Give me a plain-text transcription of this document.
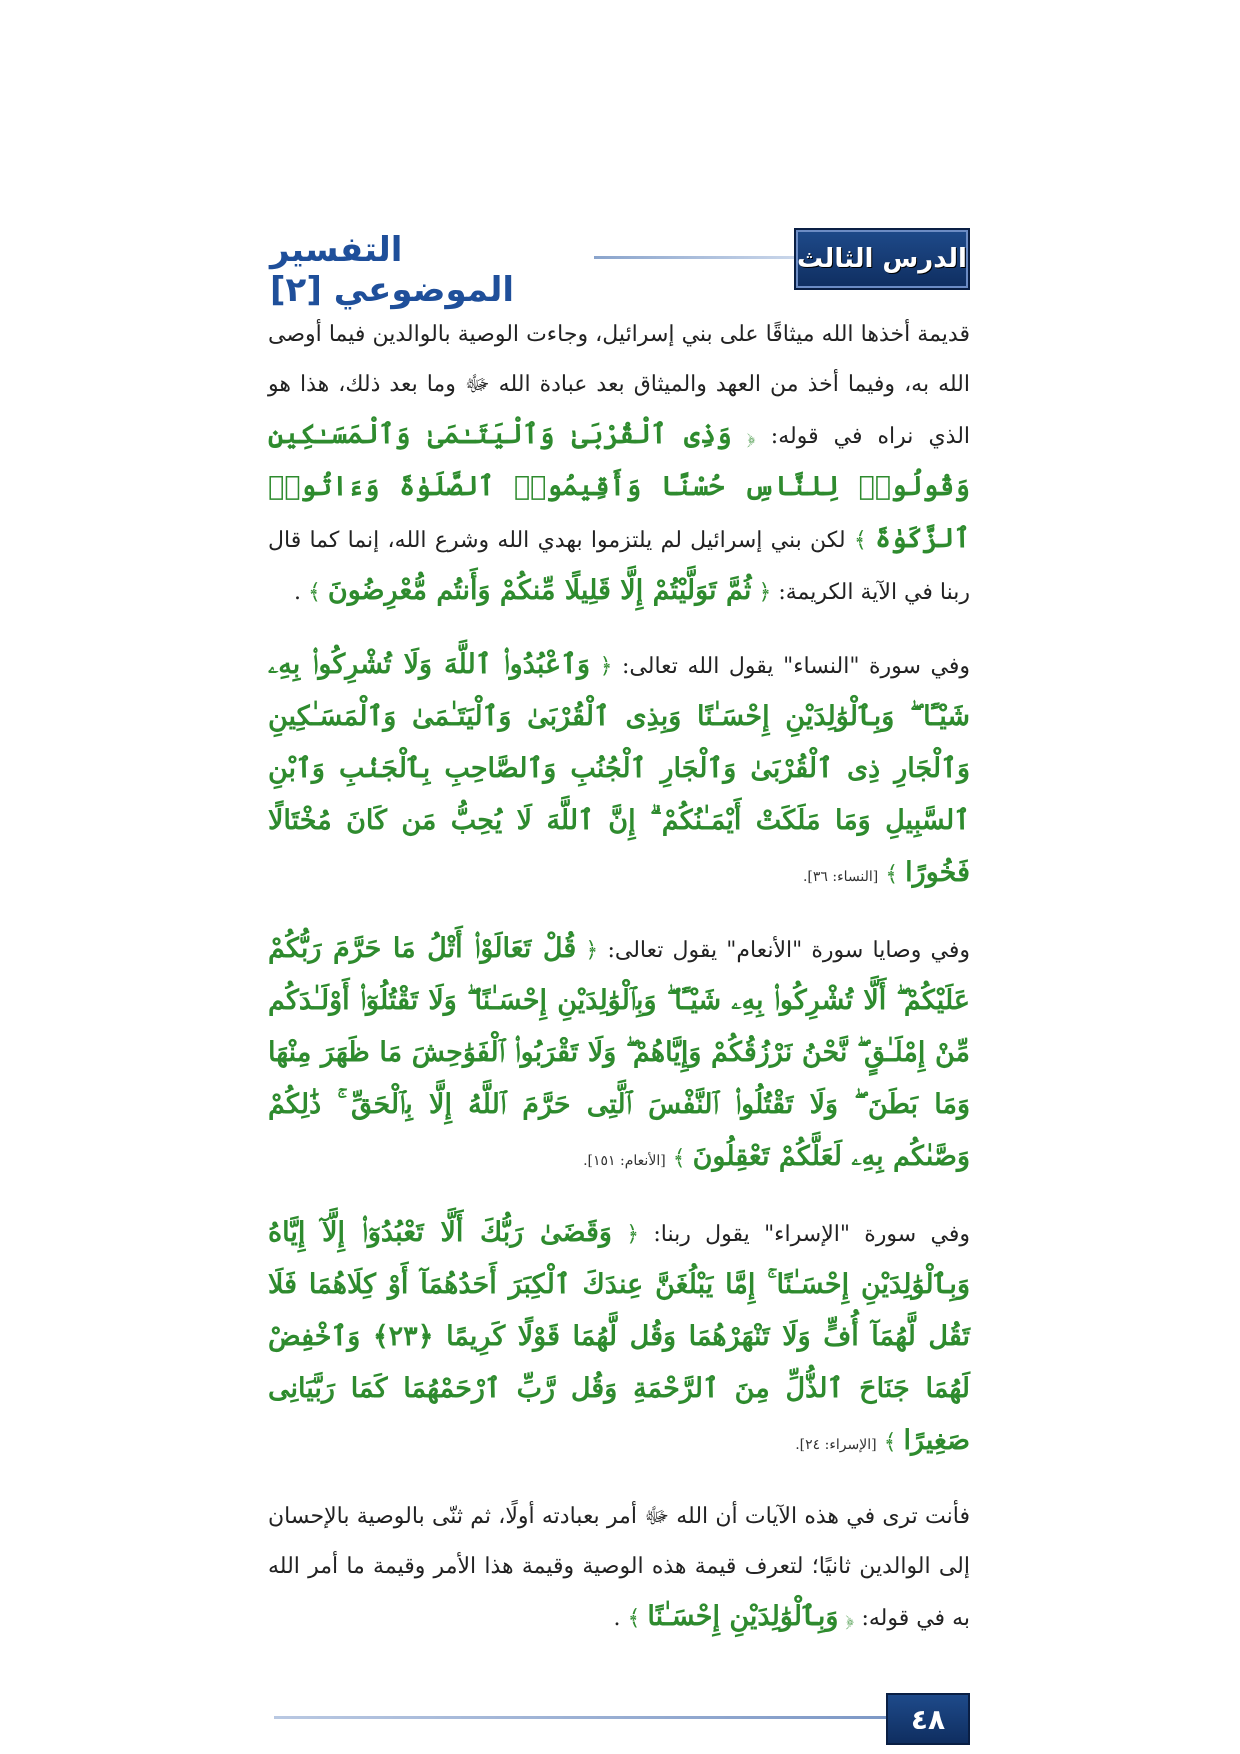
الدرس الثالث
التفسير الموضوعي [٢]

قديمة أخذها الله ميثاقًا على بني إسرائيل، وجاءت الوصية بالوالدين فيما أوصى الله به، وفيما أخذ من العهد والميثاق بعد عبادة الله ﷻ وما بعد ذلك، هذا هو الذي نراه في قوله: ﴿ وَذِى ٱلْقُرْبَىٰ وَٱلْيَتَـٰمَىٰ وَٱلْمَسَـٰكِينِ وَقُولُوا۟ لِلنَّاسِ حُسْنًا وَأَقِيمُوا۟ ٱلصَّلَوٰةَ وَءَاتُوا۟ ٱلزَّكَوٰةَ ﴾ لكن بني إسرائيل لم يلتزموا بهدي الله وشرع الله، إنما كما قال ربنا في الآية الكريمة: ﴿ ثُمَّ تَوَلَّيْتُمْ إِلَّا قَلِيلًا مِّنكُمْ وَأَنتُم مُّعْرِضُونَ ﴾ .

وفي سورة "النساء" يقول الله تعالى: ﴿ وَٱعْبُدُوا۟ ٱللَّهَ وَلَا تُشْرِكُوا۟ بِهِۦ شَيْـًٔا ۖ وَبِٱلْوَٰلِدَيْنِ إِحْسَـٰنًا وَبِذِى ٱلْقُرْبَىٰ وَٱلْيَتَـٰمَىٰ وَٱلْمَسَـٰكِينِ وَٱلْجَارِ ذِى ٱلْقُرْبَىٰ وَٱلْجَارِ ٱلْجُنُبِ وَٱلصَّاحِبِ بِٱلْجَنۢبِ وَٱبْنِ ٱلسَّبِيلِ وَمَا مَلَكَتْ أَيْمَـٰنُكُمْ ۗ إِنَّ ٱللَّهَ لَا يُحِبُّ مَن كَانَ مُخْتَالًا فَخُورًا ﴾ [النساء: ٣٦].

وفي وصايا سورة "الأنعام" يقول تعالى: ﴿ قُلْ تَعَالَوْا۟ أَتْلُ مَا حَرَّمَ رَبُّكُمْ عَلَيْكُمْ ۖ أَلَّا تُشْرِكُوا۟ بِهِۦ شَيْـًٔا ۖ وَبِٱلْوَٰلِدَيْنِ إِحْسَـٰنًا ۖ وَلَا تَقْتُلُوٓا۟ أَوْلَـٰدَكُم مِّنْ إِمْلَـٰقٍ ۖ نَّحْنُ نَرْزُقُكُمْ وَإِيَّاهُمْ ۖ وَلَا تَقْرَبُوا۟ ٱلْفَوَٰحِشَ مَا ظَهَرَ مِنْهَا وَمَا بَطَنَ ۖ وَلَا تَقْتُلُوا۟ ٱلنَّفْسَ ٱلَّتِى حَرَّمَ ٱللَّهُ إِلَّا بِٱلْحَقِّ ۚ ذَٰلِكُمْ وَصَّىٰكُم بِهِۦ لَعَلَّكُمْ تَعْقِلُونَ ﴾ [الأنعام: ١٥١].

وفي سورة "الإسراء" يقول ربنا: ﴿ وَقَضَىٰ رَبُّكَ أَلَّا تَعْبُدُوٓا۟ إِلَّآ إِيَّاهُ وَبِٱلْوَٰلِدَيْنِ إِحْسَـٰنًا ۚ إِمَّا يَبْلُغَنَّ عِندَكَ ٱلْكِبَرَ أَحَدُهُمَآ أَوْ كِلَاهُمَا فَلَا تَقُل لَّهُمَآ أُفٍّ وَلَا تَنْهَرْهُمَا وَقُل لَّهُمَا قَوْلًا كَرِيمًا ﴿٢٣﴾ وَٱخْفِضْ لَهُمَا جَنَاحَ ٱلذُّلِّ مِنَ ٱلرَّحْمَةِ وَقُل رَّبِّ ٱرْحَمْهُمَا كَمَا رَبَّيَانِى صَغِيرًا ﴾ [الإسراء: ٢٤].

فأنت ترى في هذه الآيات أن الله ﷻ أمر بعبادته أولًا، ثم ثنّى بالوصية بالإحسان إلى الوالدين ثانيًا؛ لتعرف قيمة هذه الوصية وقيمة هذا الأمر وقيمة ما أمر الله به في قوله: ﴿ وَبِٱلْوَٰلِدَيْنِ إِحْسَـٰنًا ﴾ .

٤٨
